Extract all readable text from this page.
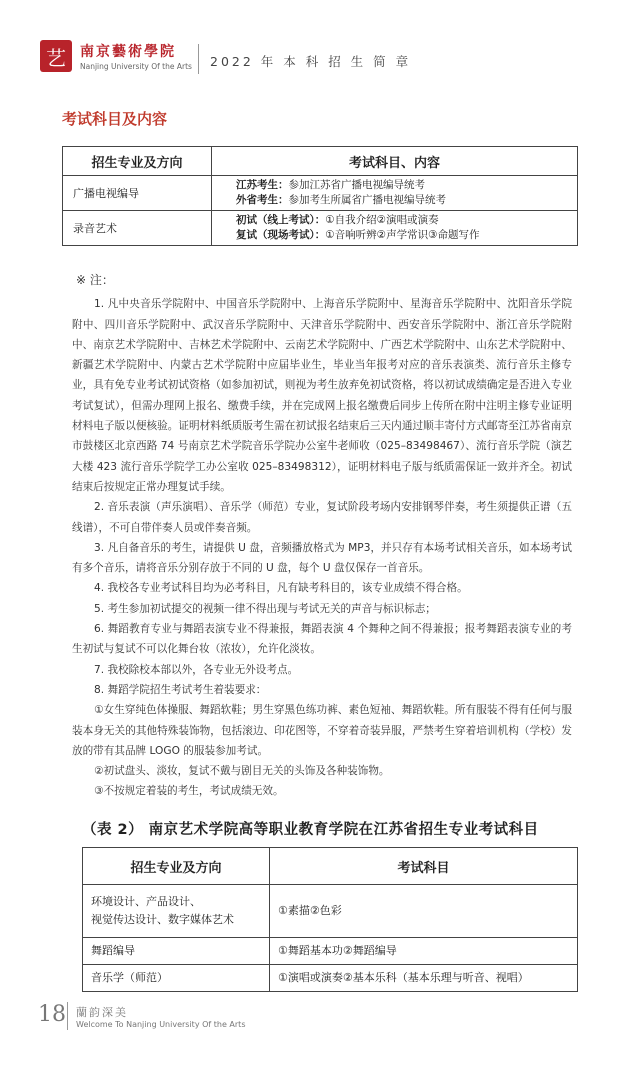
艺	南京藝術學院
Nanjing University Of the Arts 2022 年 本 科 招 生 简 章
考试科目及内容
招生专业及方向	考试科目、内容
广播电视编导	江苏考生：参加江苏省广播电视编导统考
外省考生：参加考生所属省广播电视编导统考

录音艺术	初试（线上考试）：①自我介绍②演唱或演奏
复试（现场考试）：①音响听辨②声学常识③命题写作
※ 注：

1. 凡中央音乐学院附中、中国音乐学院附中、上海音乐学院附中、星海音乐学院附中、沈阳音乐学院附中、四川音乐学院附中、武汉音乐学院附中、天津音乐学院附中、西安音乐学院附中、浙江音乐学院附中、南京艺术学院附中、吉林艺术学院附中、云南艺术学院附中、广西艺术学院附中、山东艺术学院附中、新疆艺术学院附中、内蒙古艺术学院附中应届毕业生，毕业当年报考对应的音乐表演类、流行音乐主修专业，具有免专业考试初试资格（如参加初试，则视为考生放弃免初试资格，将以初试成绩确定是否进入专业考试复试），但需办理网上报名、缴费手续，并在完成网上报名缴费后同步上传所在附中注明主修专业证明材料电子版以便核验。证明材料纸质版考生需在初试报名结束后三天内通过顺丰寄付方式邮寄至江苏省南京市鼓楼区北京西路 74 号南京艺术学院音乐学院办公室牛老师收（025–83498467）、流行音乐学院（演艺大楼 423 流行音乐学院学工办公室收 025–83498312），证明材料电子版与纸质需保证一致并齐全。初试结束后按规定正常办理复试手续。

2. 音乐表演（声乐演唱）、音乐学（师范）专业，复试阶段考场内安排钢琴伴奏，考生须提供正谱（五线谱），不可自带伴奏人员或伴奏音频。

3. 凡自备音乐的考生，请提供 U 盘，音频播放格式为 MP3，并只存有本场考试相关音乐，如本场考试有多个音乐，请将音乐分别存放于不同的 U 盘，每个 U 盘仅保存一首音乐。

4. 我校各专业考试科目均为必考科目，凡有缺考科目的，该专业成绩不得合格。

5. 考生参加初试提交的视频一律不得出现与考试无关的声音与标识标志；

6. 舞蹈教育专业与舞蹈表演专业不得兼报，舞蹈表演 4 个舞种之间不得兼报；报考舞蹈表演专业的考生初试与复试不可以化舞台妆（浓妆），允许化淡妆。

7. 我校除校本部以外，各专业无外设考点。

8. 舞蹈学院招生考试考生着装要求：

①女生穿纯色体操服、舞蹈软鞋；男生穿黑色练功裤、素色短袖、舞蹈软鞋。所有服装不得有任何与服装本身无关的其他特殊装饰物，包括滚边、印花图等，不穿着奇装异服，严禁考生穿着培训机构（学校）发放的带有其品牌 LOGO 的服装参加考试。

②初试盘头、淡妆，复试不戴与剧目无关的头饰及各种装饰物。

③不按规定着装的考生，考试成绩无效。

（表 2） 南京艺术学院高等职业教育学院在江苏省招生专业考试科目
招生专业及方向	考试科目

环境设计、产品设计、
视觉传达设计、数字媒体艺术	①素描②色彩
舞蹈编导	①舞蹈基本功②舞蹈编导
音乐学（师范）	①演唱或演奏②基本乐科（基本乐理与听音、视唱）
18 蘭韵深美
Welcome To Nanjing University Of the Arts
